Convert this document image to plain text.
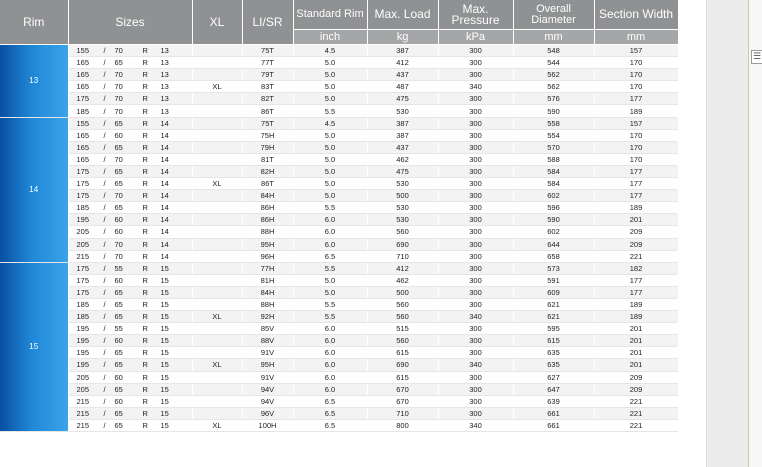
Rim	Sizes	XL	LI/SR	Standard Rim	Max. Load	Max. Pressure	Overall Diameter	Section Width
				inch	kg	kPa	mm	mm
13	155 / 70 R 13		75T	4.5	387	300	548	157

	165 / 65 R 13		77T	5.0	412	300	544	170

	165 / 70 R 13		79T	5.0	437	300	562	170

	165 / 70 R 13	XL	83T	5.0	487	340	562	170

	175 / 70 R 13		82T	5.0	475	300	576	177

	185 / 70 R 13		86T	5.5	530	300	590	189
14	155 / 65 R 14		75T	4.5	387	300	558	157

	165 / 60 R 14		75H	5.0	387	300	554	170

	165 / 65 R 14		79H	5.0	437	300	570	170

	165 / 70 R 14		81T	5.0	462	300	588	170

	175 / 65 R 14		82H	5.0	475	300	584	177

	175 / 65 R 14	XL	86T	5.0	530	300	584	177

	175 / 70 R 14		84H	5.0	500	300	602	177

	185 / 65 R 14		86H	5.5	530	300	596	189

	195 / 60 R 14		86H	6.0	530	300	590	201

	205 / 60 R 14		88H	6.0	560	300	602	209

	205 / 70 R 14		95H	6.0	690	300	644	209

	215 / 70 R 14		96H	6.5	710	300	658	221
15	175 / 55 R 15		77H	5.5	412	300	573	182

	175 / 60 R 15		81H	5.0	462	300	591	177

	175 / 65 R 15		84H	5.0	500	300	609	177

	185 / 65 R 15		88H	5.5	560	300	621	189

	185 / 65 R 15	XL	92H	5.5	560	340	621	189

	195 / 55 R 15		85V	6.0	515	300	595	201

	195 / 60 R 15		88V	6.0	560	300	615	201

	195 / 65 R 15		91V	6.0	615	300	635	201

	195 / 65 R 15	XL	95H	6.0	690	340	635	201

	205 / 60 R 15		91V	6.0	615	300	627	209

	205 / 65 R 15		94V	6.0	670	300	647	209

	215 / 60 R 15		94V	6.5	670	300	639	221

	215 / 65 R 15		96V	6.5	710	300	661	221

	215 / 65 R 15	XL	100H	6.5	800	340	661	221
☰
